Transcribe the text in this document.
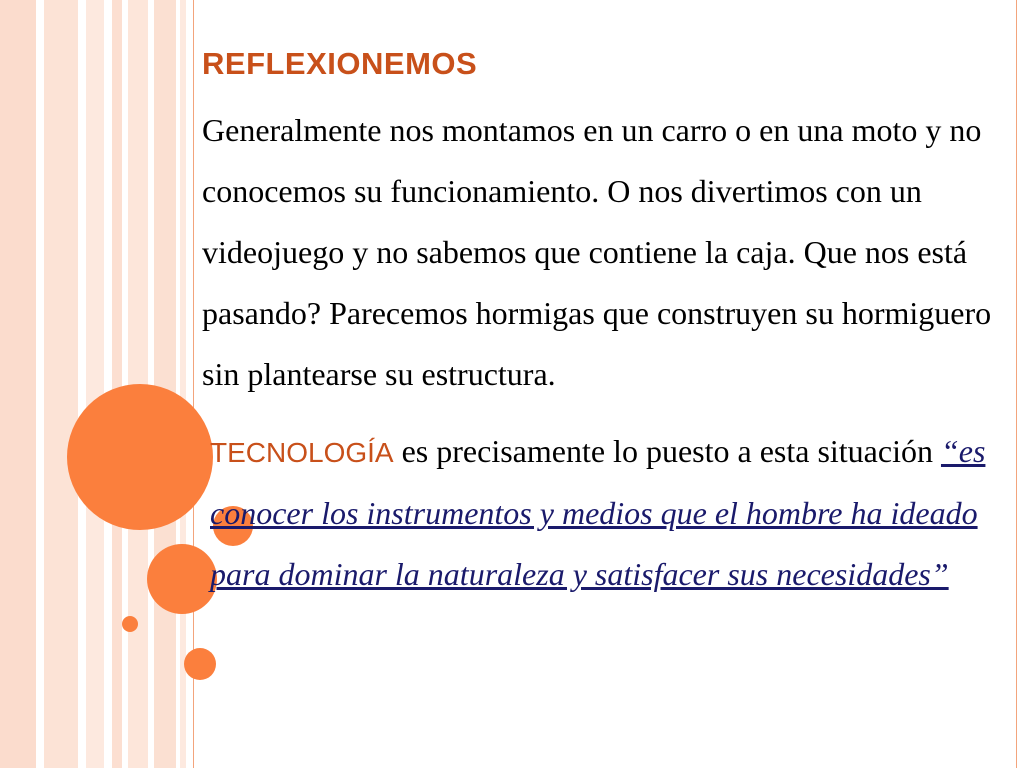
REFLEXIONEMOS

Generalmente nos montamos en un carro o en una moto y no conocemos su funcionamiento. O nos divertimos con un videojuego y no sabemos que contiene la caja. Que nos está pasando? Parecemos hormigas que construyen su hormiguero sin plantearse su estructura.

TECNOLOGÍA es precisamente lo puesto a esta situación “es conocer los instrumentos y medios que el hombre ha ideado para dominar la naturaleza y satisfacer sus necesidades”
